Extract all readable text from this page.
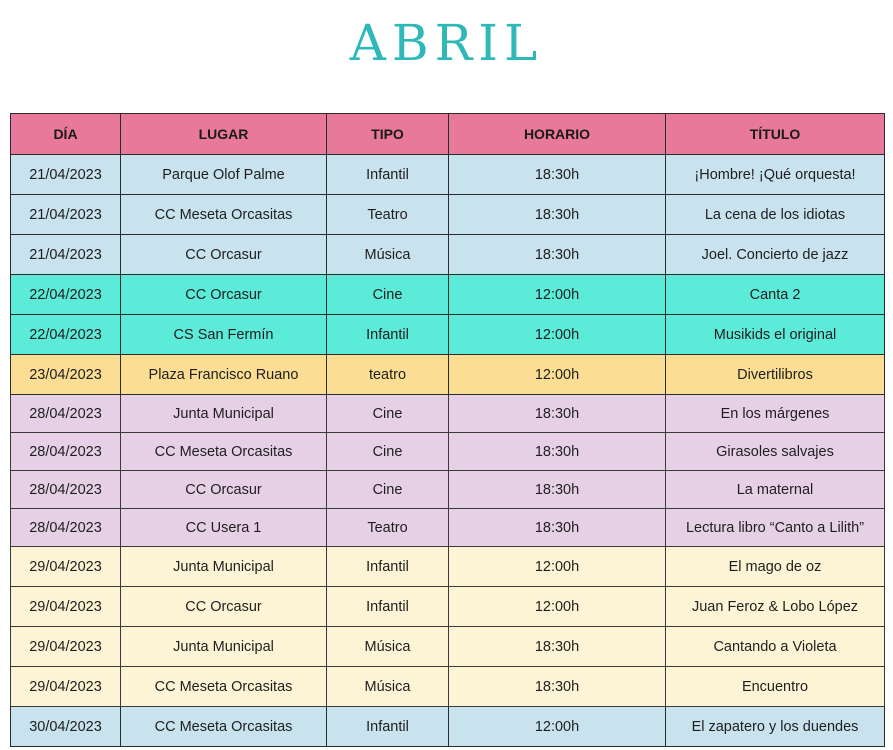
ABRIL
DÍA	LUGAR	TIPO	HORARIO	TÍTULO
21/04/2023	Parque Olof Palme	Infantil	18:30h	¡Hombre! ¡Qué orquesta!
21/04/2023	CC Meseta Orcasitas	Teatro	18:30h	La cena de los idiotas
21/04/2023	CC Orcasur	Música	18:30h	Joel. Concierto de jazz
22/04/2023	CC Orcasur	Cine	12:00h	Canta 2
22/04/2023	CS San Fermín	Infantil	12:00h	Musikids el original
23/04/2023	Plaza Francisco Ruano	teatro	12:00h	Divertilibros
28/04/2023	Junta Municipal	Cine	18:30h	En los márgenes
28/04/2023	CC Meseta Orcasitas	Cine	18:30h	Girasoles salvajes
28/04/2023	CC Orcasur	Cine	18:30h	La maternal
28/04/2023	CC Usera 1	Teatro	18:30h	Lectura libro “Canto a Lilith”
29/04/2023	Junta Municipal	Infantil	12:00h	El mago de oz
29/04/2023	CC Orcasur	Infantil	12:00h	Juan Feroz & Lobo López
29/04/2023	Junta Municipal	Música	18:30h	Cantando a Violeta
29/04/2023	CC Meseta Orcasitas	Música	18:30h	Encuentro
30/04/2023	CC Meseta Orcasitas	Infantil	12:00h	El zapatero y los duendes
